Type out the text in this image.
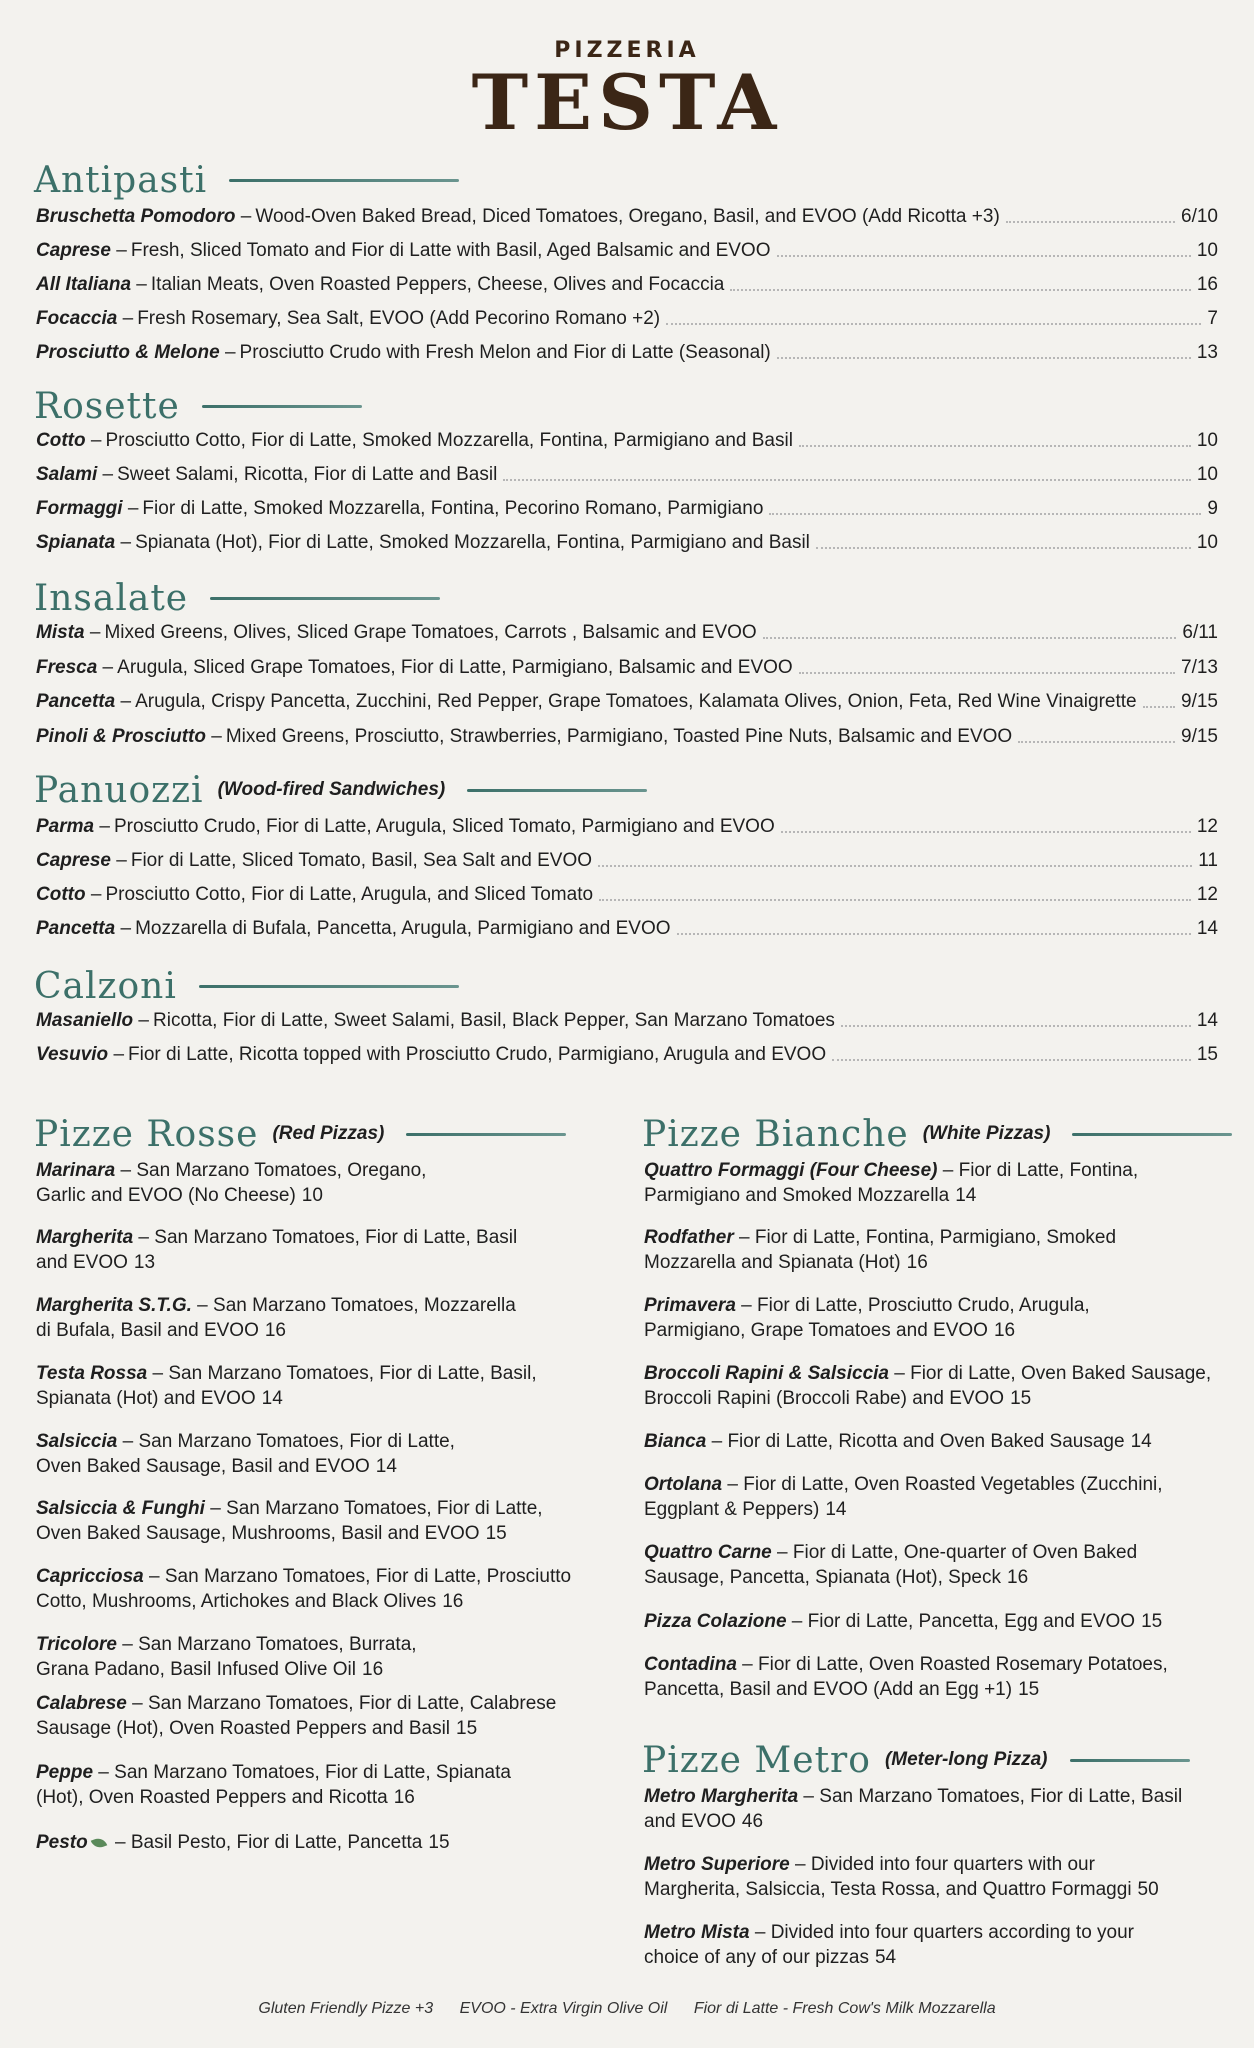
PIZZERIA
TESTA
Antipasti
Bruschetta Pomodoro – Wood-Oven Baked Bread, Diced Tomatoes, Oregano, Basil, and EVOO (Add Ricotta +3)	6/10
Caprese – Fresh, Sliced Tomato and Fior di Latte with Basil, Aged Balsamic and EVOO	10
All Italiana – Italian Meats, Oven Roasted Peppers, Cheese, Olives and Focaccia	16
Focaccia – Fresh Rosemary, Sea Salt, EVOO (Add Pecorino Romano +2)	7
Prosciutto & Melone – Prosciutto Crudo with Fresh Melon and Fior di Latte (Seasonal)	13
Rosette
Cotto – Prosciutto Cotto, Fior di Latte, Smoked Mozzarella, Fontina, Parmigiano and Basil	10
Salami – Sweet Salami, Ricotta, Fior di Latte and Basil	10
Formaggi – Fior di Latte, Smoked Mozzarella, Fontina, Pecorino Romano, Parmigiano	9
Spianata – Spianata (Hot), Fior di Latte, Smoked Mozzarella, Fontina, Parmigiano and Basil	10
Insalate
Mista – Mixed Greens, Olives, Sliced Grape Tomatoes, Carrots , Balsamic and EVOO	6/11
Fresca – Arugula, Sliced Grape Tomatoes, Fior di Latte, Parmigiano, Balsamic and EVOO	7/13
Pancetta – Arugula, Crispy Pancetta, Zucchini, Red Pepper, Grape Tomatoes, Kalamata Olives, Onion, Feta, Red Wine Vinaigrette 9/15
Pinoli & Prosciutto – Mixed Greens, Prosciutto, Strawberries, Parmigiano, Toasted Pine Nuts, Balsamic and EVOO	9/15
Panuozzi (Wood-fired Sandwiches)
Parma – Prosciutto Crudo, Fior di Latte, Arugula, Sliced Tomato, Parmigiano and EVOO	12
Caprese – Fior di Latte, Sliced Tomato, Basil, Sea Salt and EVOO	11
Cotto – Prosciutto Cotto, Fior di Latte, Arugula, and Sliced Tomato	12
Pancetta – Mozzarella di Bufala, Pancetta, Arugula, Parmigiano and EVOO	14
Calzoni
Masaniello – Ricotta, Fior di Latte, Sweet Salami, Basil, Black Pepper, San Marzano Tomatoes	14
Vesuvio – Fior di Latte, Ricotta topped with Prosciutto Crudo, Parmigiano, Arugula and EVOO	15
Pizze Rosse (Red Pizzas)
Marinara – San Marzano Tomatoes, Oregano,
Garlic and EVOO (No Cheese) 10
Margherita – San Marzano Tomatoes, Fior di Latte, Basil
and EVOO 13
Margherita S.T.G. – San Marzano Tomatoes, Mozzarella
di Bufala, Basil and EVOO 16
Testa Rossa – San Marzano Tomatoes, Fior di Latte, Basil,
Spianata (Hot) and EVOO 14
Salsiccia – San Marzano Tomatoes, Fior di Latte,
Oven Baked Sausage, Basil and EVOO 14
Salsiccia & Funghi – San Marzano Tomatoes, Fior di Latte,
Oven Baked Sausage, Mushrooms, Basil and EVOO 15
Capricciosa – San Marzano Tomatoes, Fior di Latte, Prosciutto
Cotto, Mushrooms, Artichokes and Black Olives 16
Tricolore – San Marzano Tomatoes, Burrata,
Grana Padano, Basil Infused Olive Oil 16
Calabrese – San Marzano Tomatoes, Fior di Latte, Calabrese
Sausage (Hot), Oven Roasted Peppers and Basil 15
Peppe – San Marzano Tomatoes, Fior di Latte, Spianata
(Hot), Oven Roasted Peppers and Ricotta 16
Pesto – Basil Pesto, Fior di Latte, Pancetta 15
Pizze Bianche (White Pizzas)
Quattro Formaggi (Four Cheese) – Fior di Latte, Fontina,
Parmigiano and Smoked Mozzarella 14
Rodfather – Fior di Latte, Fontina, Parmigiano, Smoked
Mozzarella and Spianata (Hot) 16
Primavera – Fior di Latte, Prosciutto Crudo, Arugula,
Parmigiano, Grape Tomatoes and EVOO 16
Broccoli Rapini & Salsiccia – Fior di Latte, Oven Baked Sausage,
Broccoli Rapini (Broccoli Rabe) and EVOO 15
Bianca – Fior di Latte, Ricotta and Oven Baked Sausage 14
Ortolana – Fior di Latte, Oven Roasted Vegetables (Zucchini,
Eggplant & Peppers) 14
Quattro Carne – Fior di Latte, One-quarter of Oven Baked
Sausage, Pancetta, Spianata (Hot), Speck 16
Pizza Colazione – Fior di Latte, Pancetta, Egg and EVOO 15
Contadina – Fior di Latte, Oven Roasted Rosemary Potatoes,
Pancetta, Basil and EVOO (Add an Egg +1) 15
Pizze Metro (Meter-long Pizza)
Metro Margherita – San Marzano Tomatoes, Fior di Latte, Basil
and EVOO 46
Metro Superiore – Divided into four quarters with our
Margherita, Salsiccia, Testa Rossa, and Quattro Formaggi 50
Metro Mista – Divided into four quarters according to your
choice of any of our pizzas 54
Gluten Friendly Pizze +3 EVOO - Extra Virgin Olive Oil Fior di Latte - Fresh Cow's Milk Mozzarella
